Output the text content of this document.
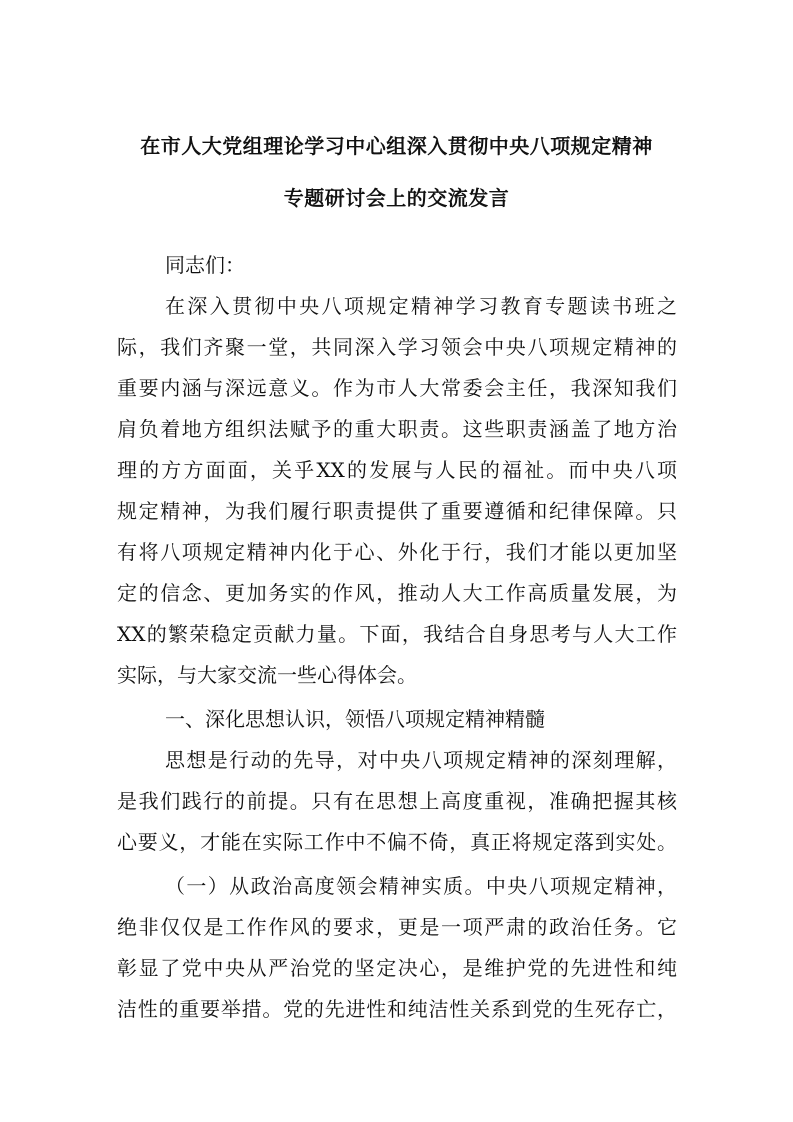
在市人大党组理论学习中心组深入贯彻中央八项规定精神
专题研讨会上的交流发言
同志们：
在深入贯彻中央八项规定精神学习教育专题读书班之
际，我们齐聚一堂，共同深入学习领会中央八项规定精神的
重要内涵与深远意义。作为市人大常委会主任，我深知我们
肩负着地方组织法赋予的重大职责。这些职责涵盖了地方治
理的方方面面，关乎XX的发展与人民的福祉。而中央八项
规定精神，为我们履行职责提供了重要遵循和纪律保障。只
有将八项规定精神内化于心、外化于行，我们才能以更加坚
定的信念、更加务实的作风，推动人大工作高质量发展，为
XX的繁荣稳定贡献力量。下面，我结合自身思考与人大工作
实际，与大家交流一些心得体会。
一、深化思想认识，领悟八项规定精神精髓
思想是行动的先导，对中央八项规定精神的深刻理解，
是我们践行的前提。只有在思想上高度重视，准确把握其核
心要义，才能在实际工作中不偏不倚，真正将规定落到实处。
（一）从政治高度领会精神实质。中央八项规定精神，
绝非仅仅是工作作风的要求，更是一项严肃的政治任务。它
彰显了党中央从严治党的坚定决心，是维护党的先进性和纯
洁性的重要举措。党的先进性和纯洁性关系到党的生死存亡，
